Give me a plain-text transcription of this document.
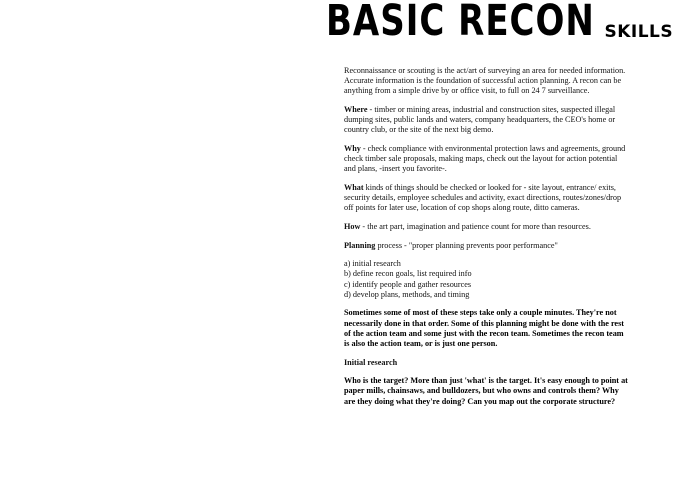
BASIC RECON SKILLS

Reconnaissance or scouting is the act/art of surveying an area for needed information. Accurate information is the foundation of successful action planning. A recon can be anything from a simple drive by or office visit, to full on 24 7 surveillance.

Where - timber or mining areas, industrial and construction sites, suspected illegal dumping sites, public lands and waters, company headquarters, the CEO's home or country club, or the site of the next big demo.

Why - check compliance with environmental protection laws and agreements, ground check timber sale proposals, making maps, check out the layout for action potential and plans, -insert you favorite-.

What kinds of things should be checked or looked for - site layout, entrance/ exits, security details, employee schedules and activity, exact directions, routes/zones/drop off points for later use, location of cop shops along route, ditto cameras.

How - the art part, imagination and patience count for more than resources.

Planning process - "proper planning prevents poor performance"

a) initial research
b) define recon goals, list required info
c) identify people and gather resources
d) develop plans, methods, and timing

Sometimes some of most of these steps take only a couple minutes. They're not necessarily done in that order. Some of this planning might be done with the rest of the action team and some just with the recon team. Sometimes the recon team is also the action team, or is just one person.

Initial research

Who is the target? More than just 'what' is the target. It's easy enough to point at paper mills, chainsaws, and bulldozers, but who owns and controls them? Why are they doing what they're doing? Can you map out the corporate structure?
